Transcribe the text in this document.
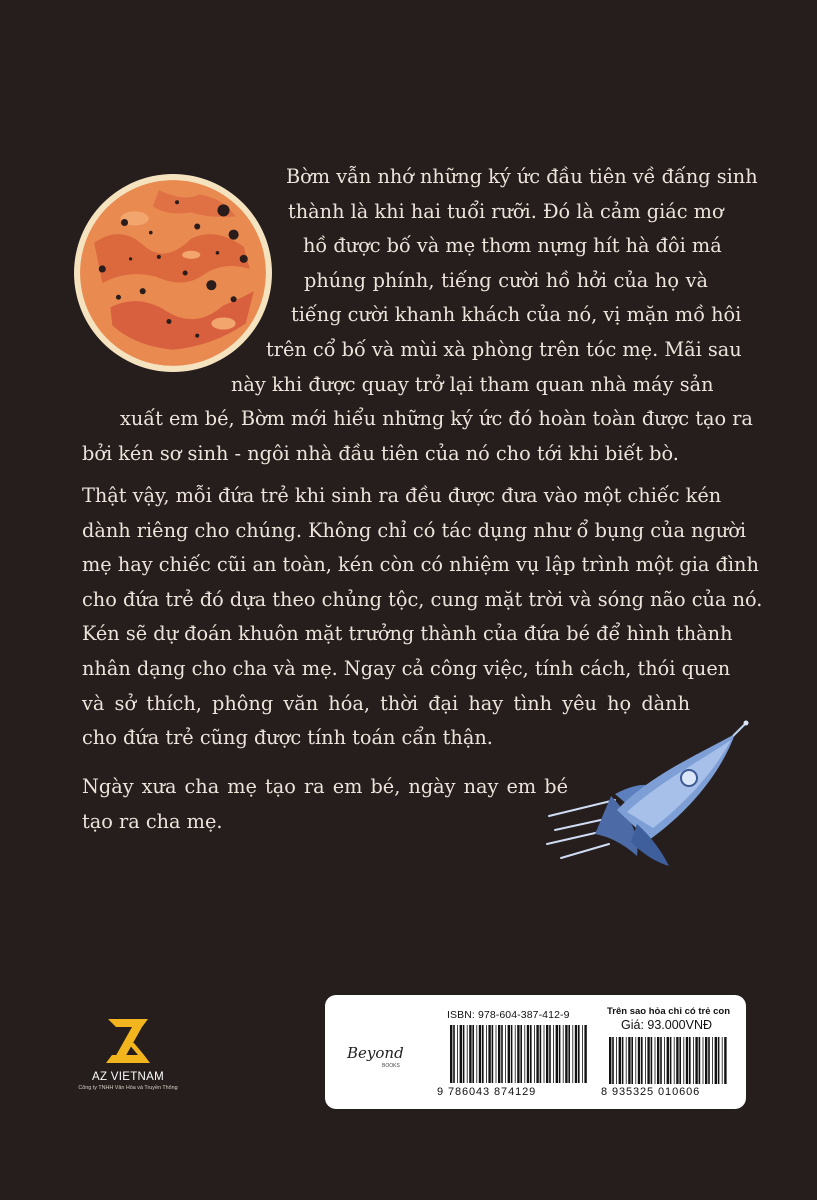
Bờm vẫn nhớ những ký ức đầu tiên về đấng sinh
thành là khi hai tuổi rưỡi. Đó là cảm giác mơ
hồ được bố và mẹ thơm nựng hít hà đôi má
phúng phính, tiếng cười hồ hởi của họ và
tiếng cười khanh khách của nó, vị mặn mồ hôi
trên cổ bố và mùi xà phòng trên tóc mẹ. Mãi sau
này khi được quay trở lại tham quan nhà máy sản
xuất em bé, Bờm mới hiểu những ký ức đó hoàn toàn được tạo ra
bởi kén sơ sinh - ngôi nhà đầu tiên của nó cho tới khi biết bò.

Thật vậy, mỗi đứa trẻ khi sinh ra đều được đưa vào một chiếc kén
dành riêng cho chúng. Không chỉ có tác dụng như ổ bụng của người
mẹ hay chiếc cũi an toàn, kén còn có nhiệm vụ lập trình một gia đình
cho đứa trẻ đó dựa theo chủng tộc, cung mặt trời và sóng não của nó.
Kén sẽ dự đoán khuôn mặt trưởng thành của đứa bé để hình thành
nhân dạng cho cha và mẹ. Ngay cả công việc, tính cách, thói quen
và sở thích, phông văn hóa, thời đại hay tình yêu họ dành
cho đứa trẻ cũng được tính toán cẩn thận.

Ngày xưa cha mẹ tạo ra em bé, ngày nay em bé
tạo ra cha mẹ.

AZ VIETNAM
Công ty TNHH Văn Hóa và Truyền Thông
Beyond
BOOKS
ISBN: 978-604-387-412-9
9 786043 874129
Trên sao hỏa chỉ có trẻ con
Giá: 93.000VNĐ
8 935325 010606
